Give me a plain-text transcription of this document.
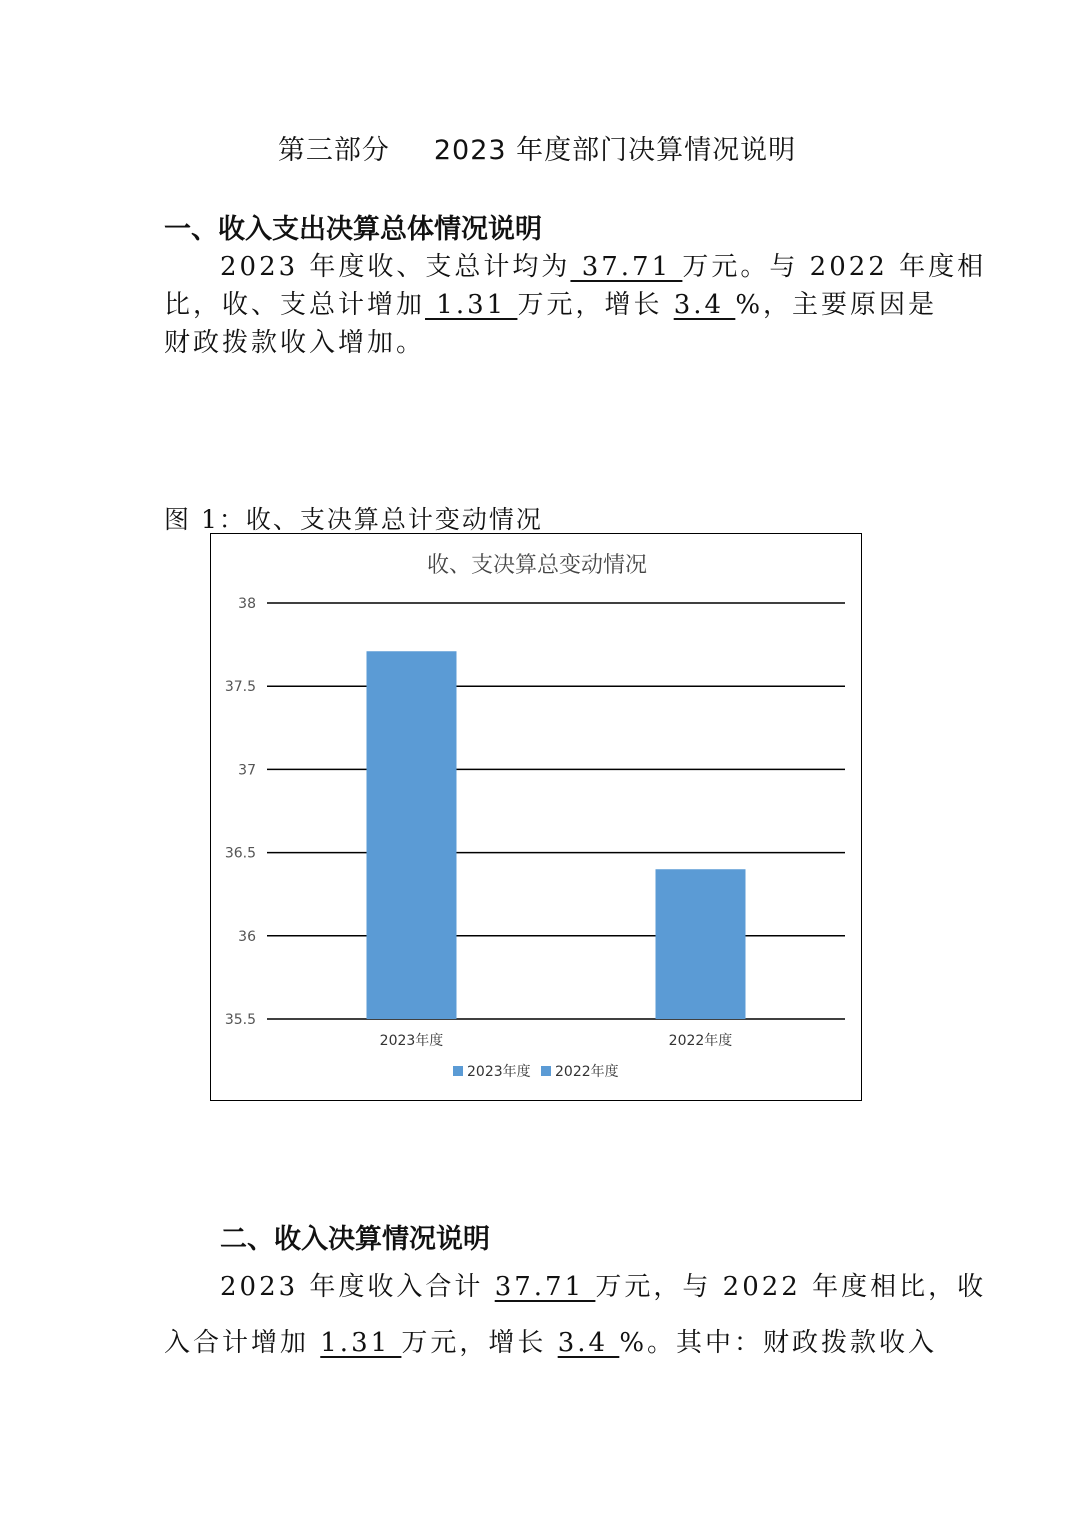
第三部分 2023 年度部门决算情况说明
一、收入支出决算总体情况说明
2023 年度收、支总计均为 37.71 万元。与 2022 年度相
比，收、支总计增加 1.31 万元，增长 3.4 %，主要原因是
财政拨款收入增加。
图 1：收、支决算总计变动情况
收、支决算总变动情况
35.5
36
36.5
37
37.5
38
2023年度	2022年度
2023年度 2022年度
二、收入决算情况说明
2023 年度收入合计 37.71 万元，与 2022 年度相比，收
入合计增加 1.31 万元，增长 3.4 %。其中：财政拨款收入
